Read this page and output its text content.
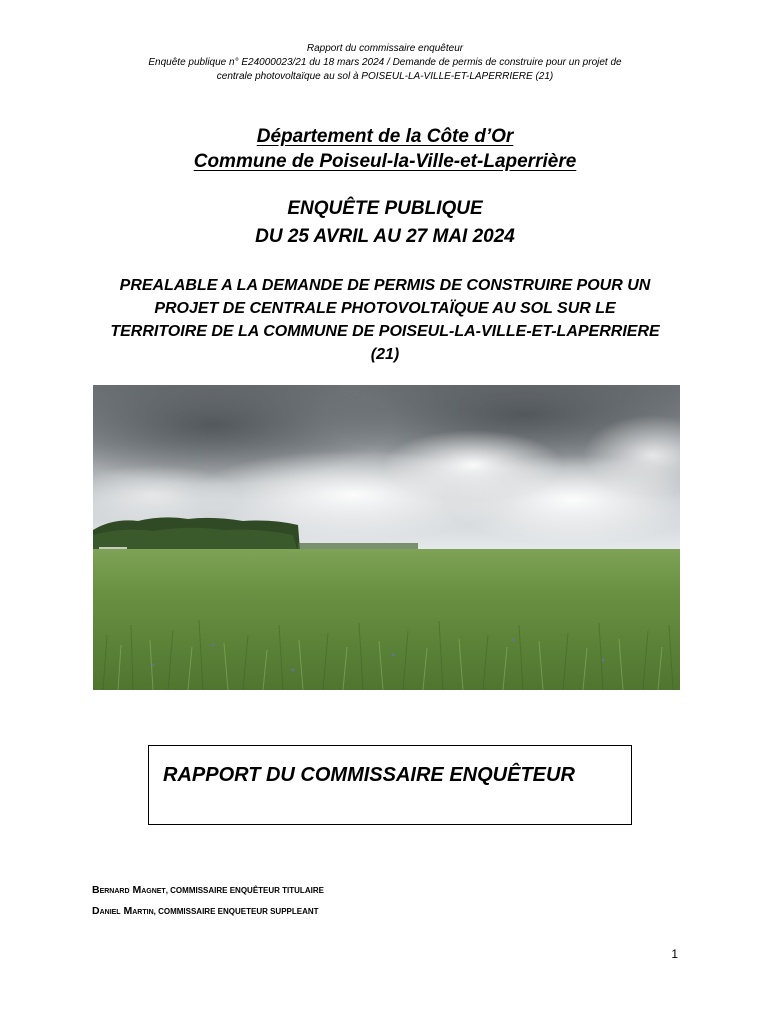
Rapport du commissaire enquêteur
Enquête publique n° E24000023/21 du 18 mars 2024 / Demande de permis de construire pour un projet de
centrale photovoltaïque au sol à POISEUL-LA-VILLE-ET-LAPERRIERE (21)
Département de la Côte d’Or
Commune de Poiseul-la-Ville-et-Laperrière
ENQUÊTE PUBLIQUE
DU 25 AVRIL AU 27 MAI 2024
PREALABLE A LA DEMANDE DE PERMIS DE CONSTRUIRE POUR UN
PROJET DE CENTRALE PHOTOVOLTAÏQUE AU SOL SUR LE
TERRITOIRE DE LA COMMUNE DE POISEUL-LA-VILLE-ET-LAPERRIERE
(21)
RAPPORT DU COMMISSAIRE ENQUÊTEUR
Bernard Magnet, COMMISSAIRE ENQUÊTEUR TITULAIRE
Daniel Martin, COMMISSAIRE ENQUETEUR SUPPLEANT
1
